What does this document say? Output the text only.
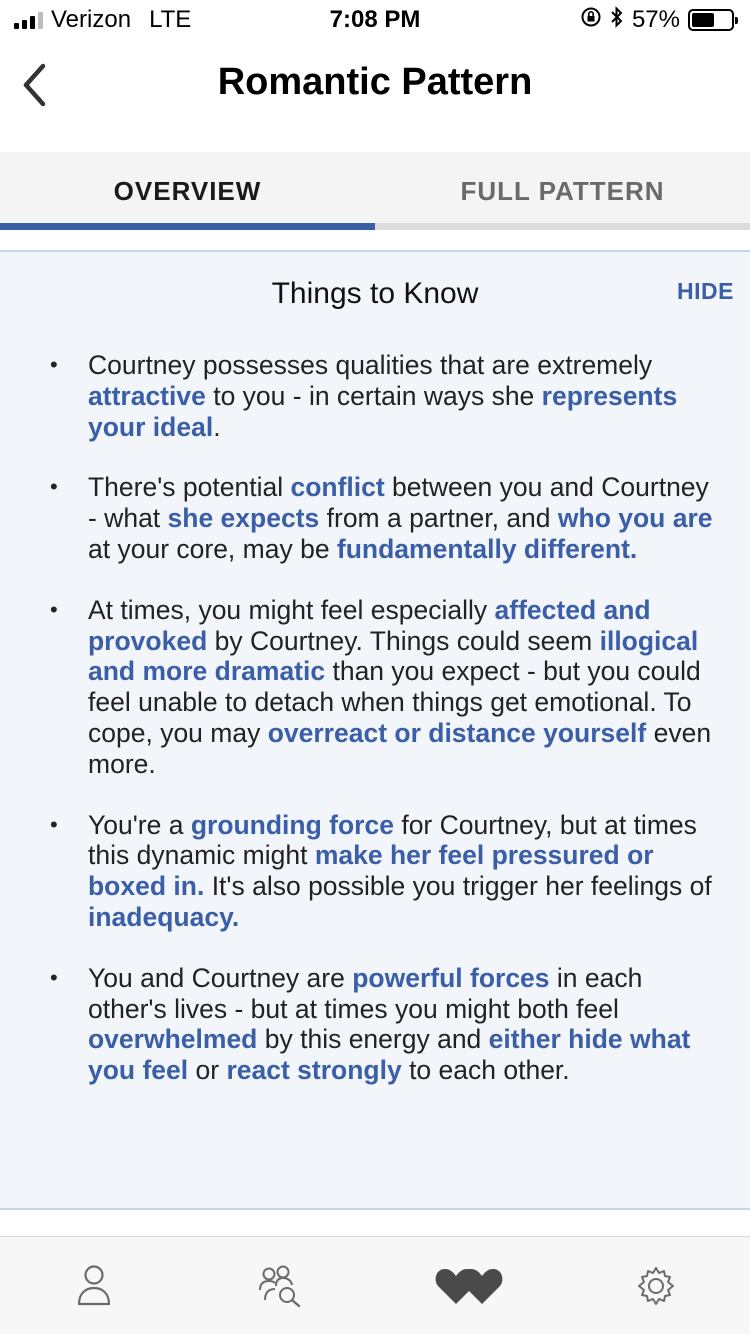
Verizon LTE	7:08 PM	57%
Romantic Pattern
OVERVIEW	FULL PATTERN
Things to Know	HIDE
• Courtney possesses qualities that are extremely attractive to you - in certain ways she represents your ideal.
• There's potential conflict between you and Courtney - what she expects from a partner, and who you are at your core, may be fundamentally different.
• At times, you might feel especially affected and provoked by Courtney. Things could seem illogical and more dramatic than you expect - but you could feel unable to detach when things get emotional. To cope, you may overreact or distance yourself even more.
• You're a grounding force for Courtney, but at times this dynamic might make her feel pressured or boxed in. It's also possible you trigger her feelings of inadequacy.
• You and Courtney are powerful forces in each other's lives - but at times you might both feel overwhelmed by this energy and either hide what you feel or react strongly to each other.
